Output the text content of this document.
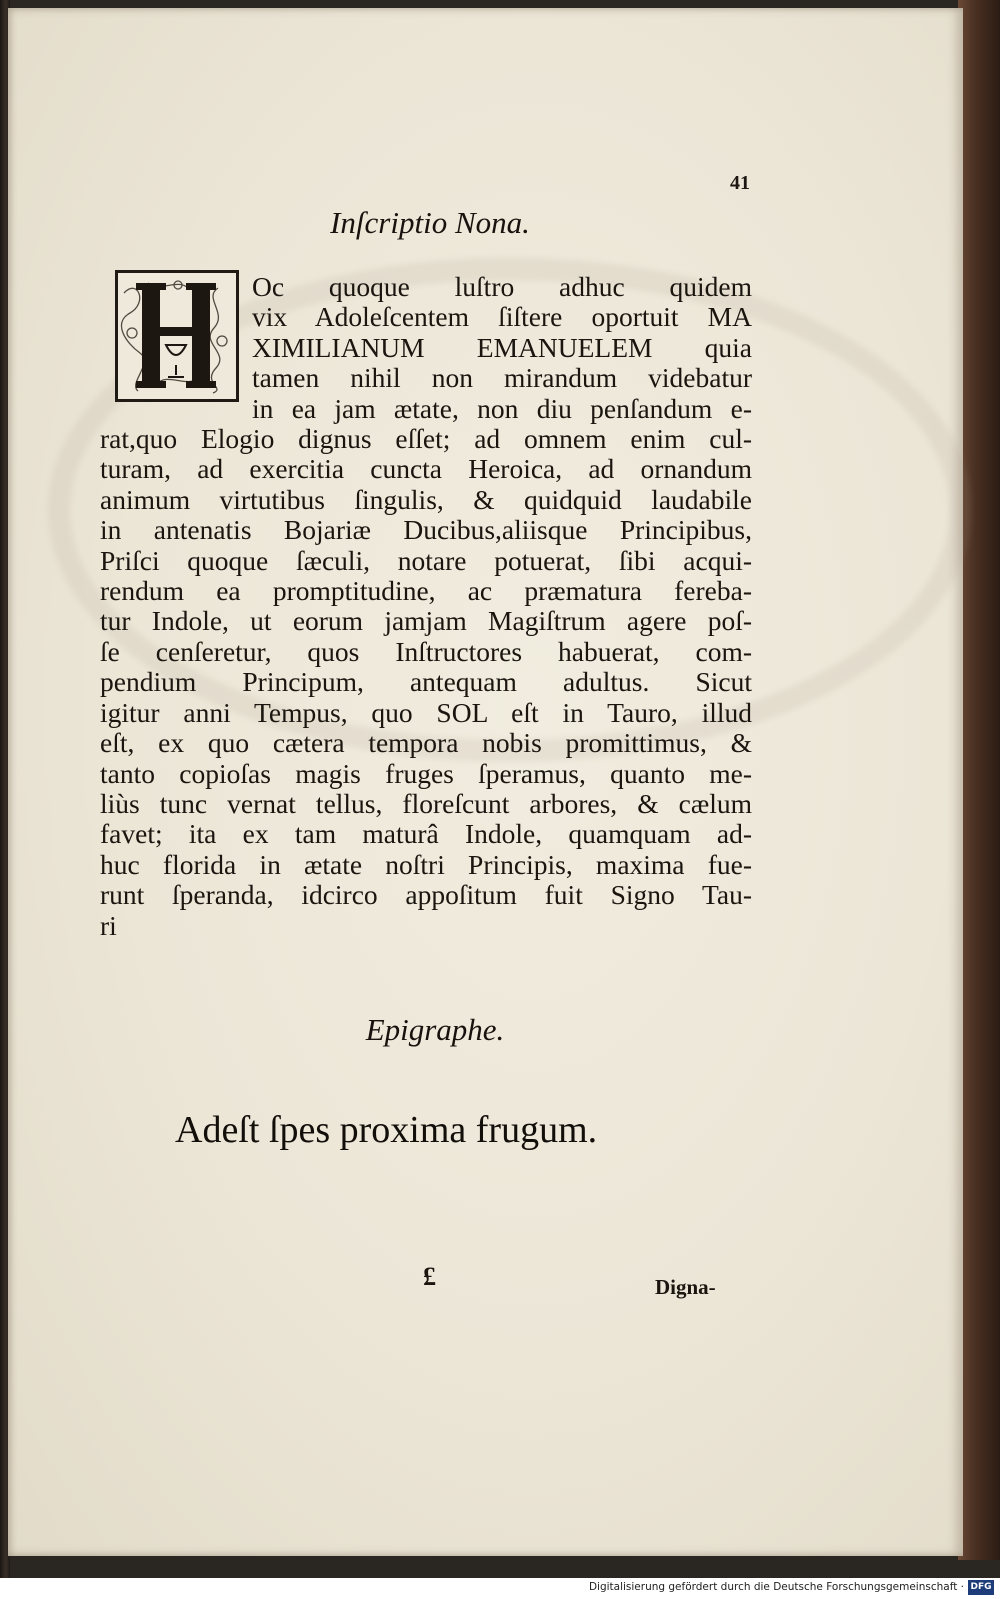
41
Inſcriptio Nona.
Oc quoque luſtro adhuc quidem
vix Adoleſcentem ſiſtere oportuit MA
XIMILIANUM EMANUELEM quia
tamen nihil non mirandum videbatur
in ea jam ætate, non diu penſandum e-
rat,quo Elogio dignus eſſet; ad omnem enim cul-
turam, ad exercitia cuncta Heroica, ad ornandum
animum virtutibus ſingulis, & quidquid laudabile
in antenatis Bojariæ Ducibus,aliisque Principibus,
Priſci quoque ſæculi, notare potuerat, ſibi acqui-
rendum ea promptitudine, ac præmatura fereba-
tur Indole, ut eorum jamjam Magiſtrum agere poſ-
ſe cenſeretur, quos Inſtructores habuerat, com-
pendium Principum, antequam adultus. Sicut
igitur anni Tempus, quo SOL eſt in Tauro, illud
eſt, ex quo cætera tempora nobis promittimus, &
tanto copioſas magis fruges ſperamus, quanto me-
liùs tunc vernat tellus, floreſcunt arbores, & cælum
favet; ita ex tam maturâ Indole, quamquam ad-
huc florida in ætate noſtri Principis, maxima fue-
runt ſperanda, idcirco appoſitum fuit Signo Tau-
ri
Epigraphe.
Adeſt ſpes proxima frugum.
£	Digna-
Digitalisierung gefördert durch die Deutsche Forschungsgemeinschaft · DFG
